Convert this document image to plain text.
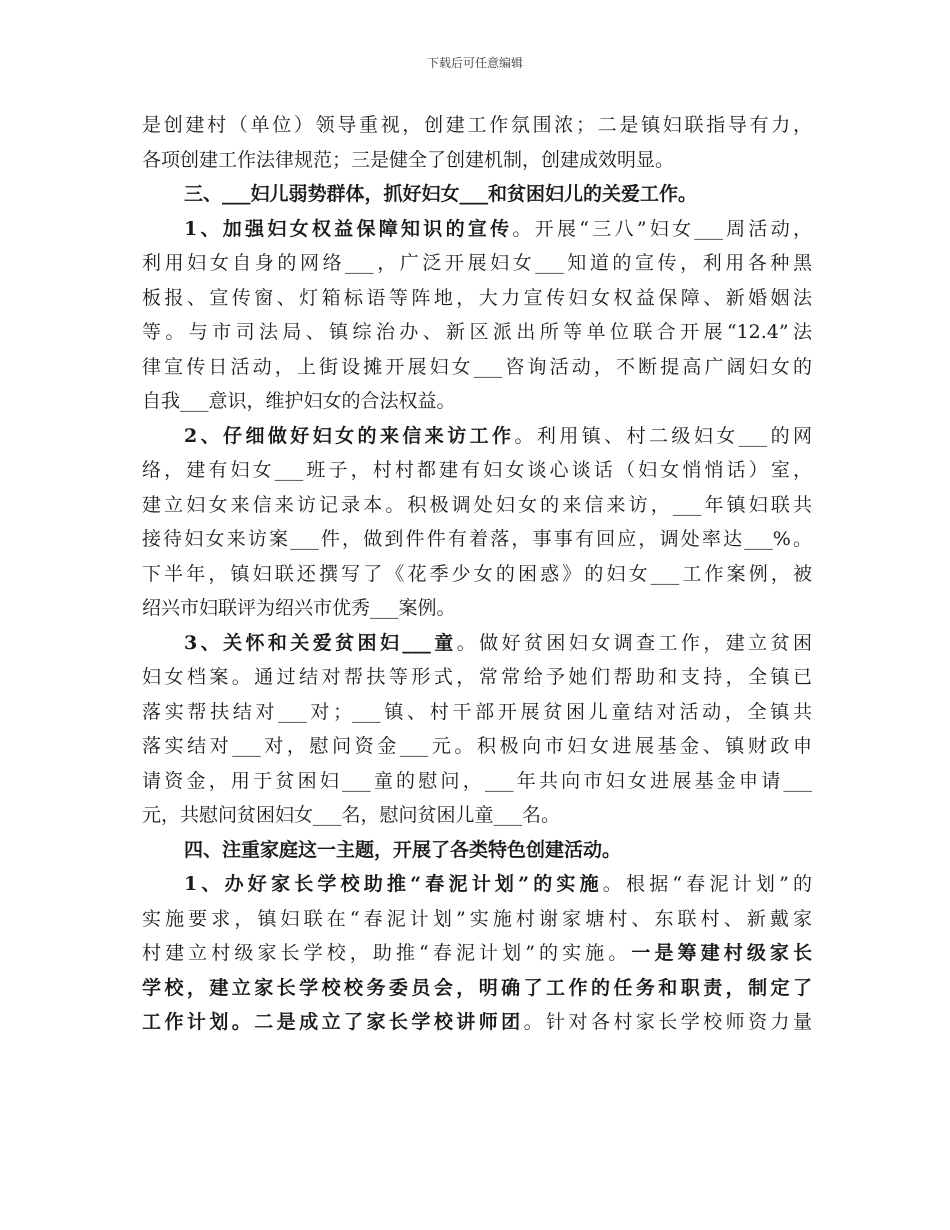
下载后可任意编辑
是创建村（单位）领导重视，创建工作氛围浓；二是镇妇联指导有力，
各项创建工作法律规范；三是健全了创建机制，创建成效明显。
三、___妇儿弱势群体，抓好妇女___和贫困妇儿的关爱工作。
1、加强妇女权益保障知识的宣传。开展“三八”妇女___周活动，
利用妇女自身的网络___，广泛开展妇女___知道的宣传，利用各种黑
板报、宣传窗、灯箱标语等阵地，大力宣传妇女权益保障、新婚姻法
等。与市司法局、镇综治办、新区派出所等单位联合开展“12.4”法
律宣传日活动，上街设摊开展妇女___咨询活动，不断提高广阔妇女的
自我___意识，维护妇女的合法权益。
2、仔细做好妇女的来信来访工作。利用镇、村二级妇女___的网
络，建有妇女___班子，村村都建有妇女谈心谈话（妇女悄悄话）室，
建立妇女来信来访记录本。积极调处妇女的来信来访，___年镇妇联共
接待妇女来访案___件，做到件件有着落，事事有回应，调处率达___%。
下半年，镇妇联还撰写了《花季少女的困惑》的妇女___工作案例，被
绍兴市妇联评为绍兴市优秀___案例。
3、关怀和关爱贫困妇___童。做好贫困妇女调查工作，建立贫困
妇女档案。通过结对帮扶等形式，常常给予她们帮助和支持，全镇已
落实帮扶结对___对；___镇、村干部开展贫困儿童结对活动，全镇共
落实结对___对，慰问资金___元。积极向市妇女进展基金、镇财政申
请资金，用于贫困妇___童的慰问，___年共向市妇女进展基金申请___
元，共慰问贫困妇女___名，慰问贫困儿童___名。
四、注重家庭这一主题，开展了各类特色创建活动。
1、办好家长学校助推“春泥计划”的实施。根据“春泥计划”的
实施要求，镇妇联在“春泥计划”实施村谢家塘村、东联村、新戴家
村建立村级家长学校，助推“春泥计划”的实施。一是筹建村级家长
学校，建立家长学校校务委员会，明确了工作的任务和职责，制定了
工作计划。二是成立了家长学校讲师团。针对各村家长学校师资力量
